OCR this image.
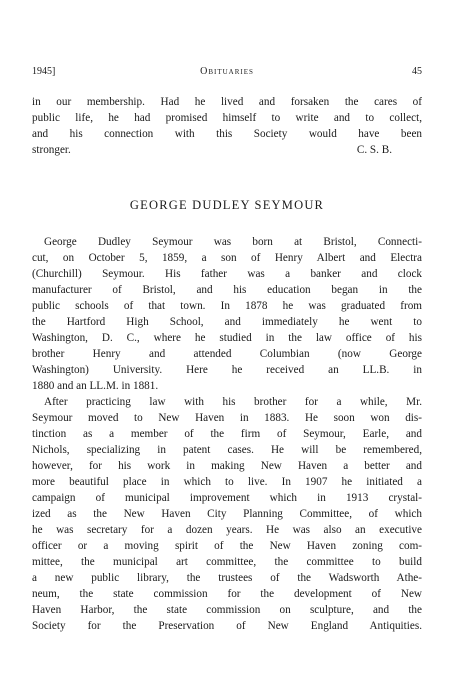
1945]	Obituaries	45
in our membership. Had he lived and forsaken the cares of
public life, he had promised himself to write and to collect,
and his connection with this Society would have been
stronger.	C. S. B.
GEORGE DUDLEY SEYMOUR
George Dudley Seymour was born at Bristol, Connecti-
cut, on October 5, 1859, a son of Henry Albert and Electra
(Churchill) Seymour. His father was a banker and clock
manufacturer of Bristol, and his education began in the
public schools of that town. In 1878 he was graduated from
the Hartford High School, and immediately he went to
Washington, D. C., where he studied in the law office of his
brother Henry and attended Columbian (now George
Washington) University. Here he received an LL.B. in
1880 and an LL.M. in 1881.
After practicing law with his brother for a while, Mr.
Seymour moved to New Haven in 1883. He soon won dis-
tinction as a member of the firm of Seymour, Earle, and
Nichols, specializing in patent cases. He will be remembered,
however, for his work in making New Haven a better and
more beautiful place in which to live. In 1907 he initiated a
campaign of municipal improvement which in 1913 crystal-
ized as the New Haven City Planning Committee, of which
he was secretary for a dozen years. He was also an executive
officer or a moving spirit of the New Haven zoning com-
mittee, the municipal art committee, the committee to build
a new public library, the trustees of the Wadsworth Athe-
neum, the state commission for the development of New
Haven Harbor, the state commission on sculpture, and the
Society for the Preservation of New England Antiquities.
